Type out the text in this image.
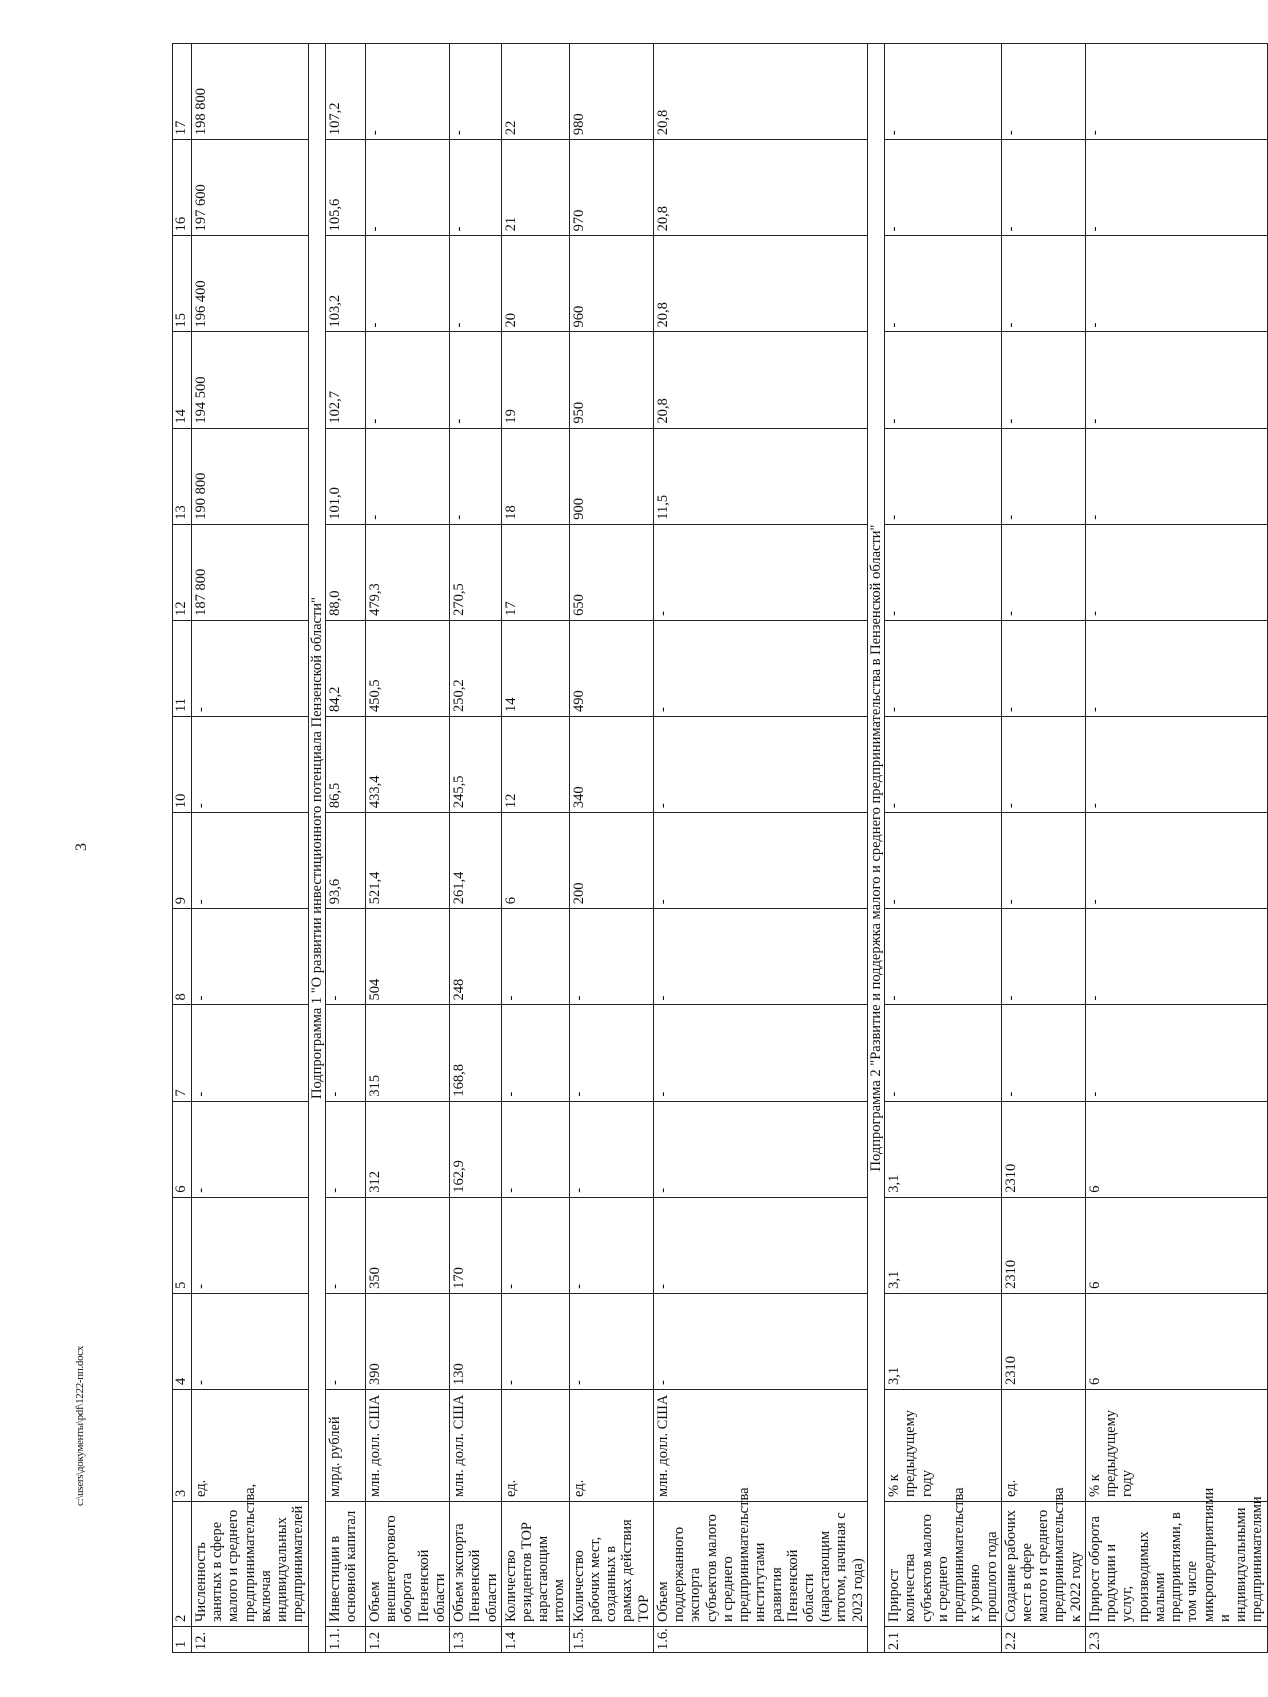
3
1	2	3	4	5	6	7	8	9	10	11	12	13	14	15	16	17
12.	Численность занятых в сфере малого и среднего предпринимательства, включая индивидуальных предпринимателей	ед.	-	-	-	-	-	-	-	-	187 800	190 800	194 500	196 400	197 600	198 800
Подпрограмма 1 "О развитии инвестиционного потенциала Пензенской области"																
1.1.	Инвестиции в основной капитал	млрд. рублей	-	-	-	-	-	93,6	86,5	84,2	88,0	101,0	102,7	103,2	105,6	107,2
1.2	Объем внешнеторгового оборота Пензенской области	млн. долл. США	390	350	312	315	504	521,4	433,4	450,5	479,3	-	-	-	-	-
1.3	Объем экспорта Пензенской области	млн. долл. США	130	170	162,9	168,8	248	261,4	245,5	250,2	270,5	-	-	-	-	-
1.4	Количество резидентов ТОР нарастающим итогом	ед.	-	-	-	-	-	6	12	14	17	18	19	20	21	22
1.5.	Количество рабочих мест, созданных в рамках действия ТОР	ед.	-	-	-	-	-	200	340	490	650	900	950	960	970	980
1.6.	Объем поддержанного экспорта субъектов малого и среднего предпринимательства институтами развития Пензенской области (нарастающим итогом, начиная с 2023 года)	млн. долл. США	-	-	-	-	-	-	-	-	-	11,5	20,8	20,8	20,8	20,8
Подпрограмма 2 "Развитие и поддержка малого и среднего предпринимательства в Пензенской области"																
2.1	Прирост количества субъектов малого и среднего предпринимательства к уровню прошлого года	% к предыдущему году	3,1	3,1	3,1	-	-	-	-	-	-	-	-	-	-	-
2.2	Создание рабочих мест в сфере малого и среднего предпринимательства к 2022 году	ед.	2310	2310	2310	-	-	-	-	-	-	-	-	-	-	-
2.3	Прирост оборота продукции и услуг, производимых малыми предприятиями, в том числе микропредприятиями и индивидуальными предпринимателями	% к предыдущему году	6	6	6	-	-	-	-	-	-	-	-	-	-	-
c:\users\документы\pdf\1222-пп.docx
